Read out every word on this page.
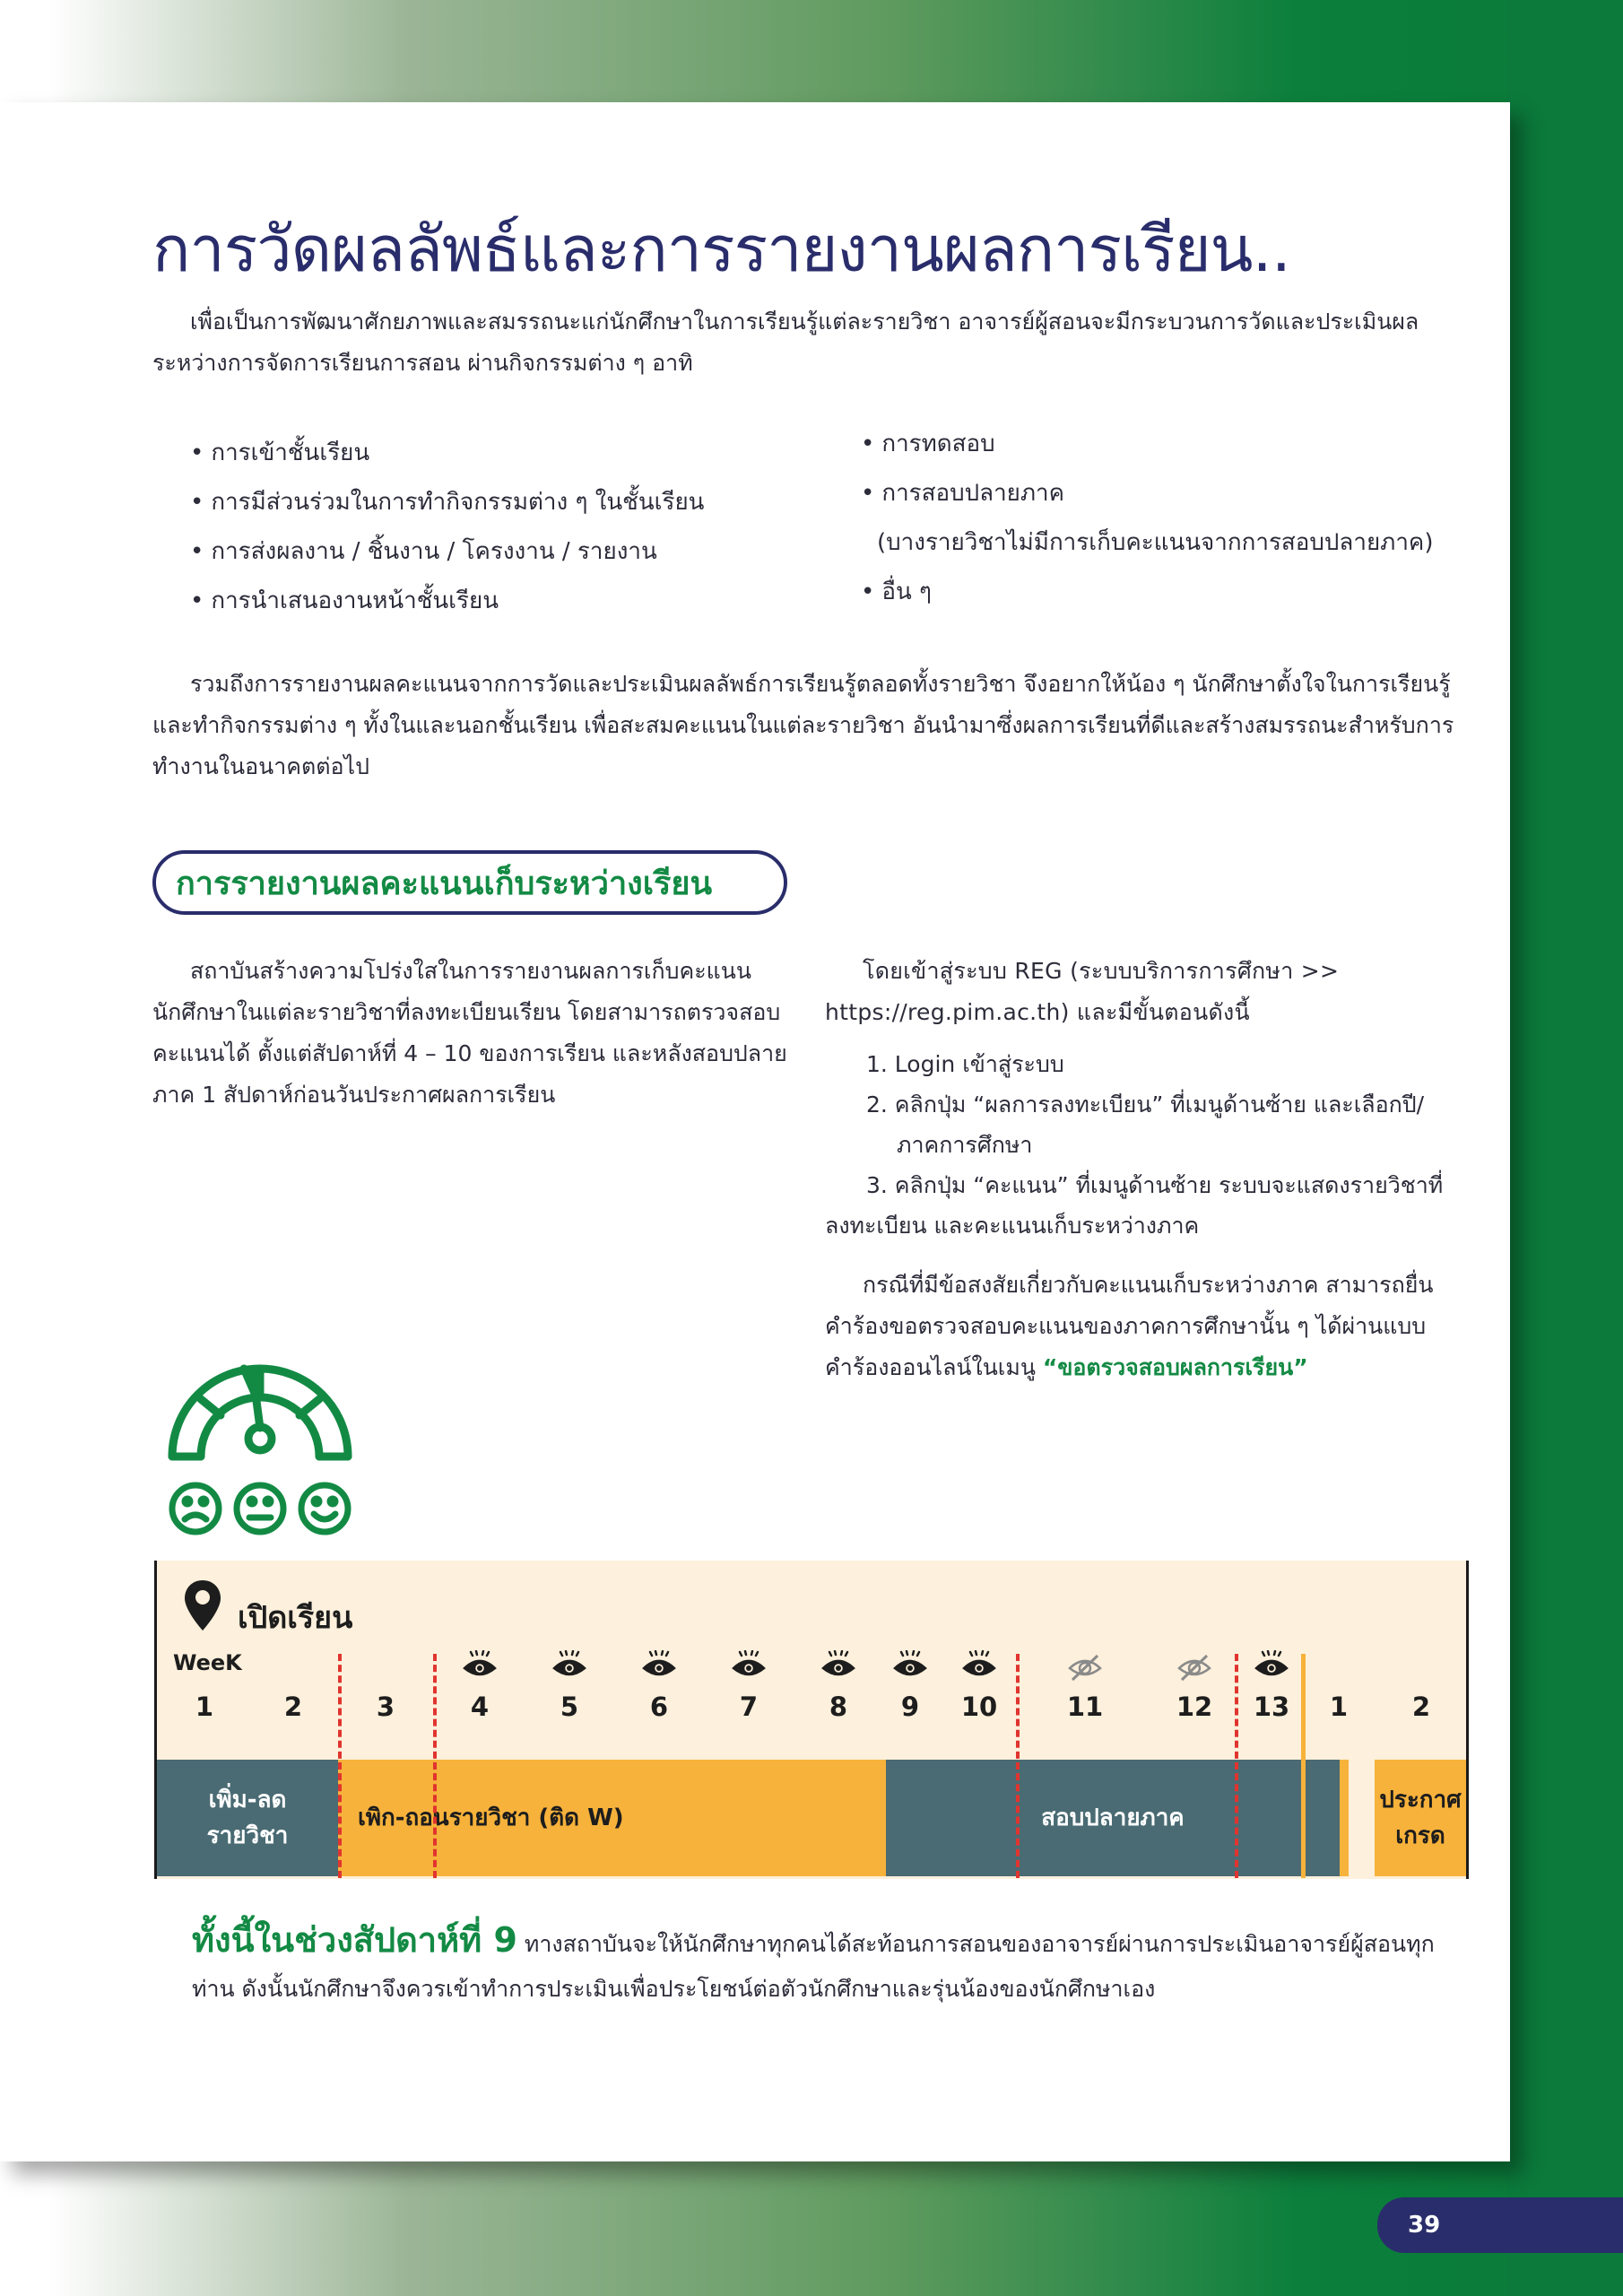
การวัดผลลัพธ์และการรายงานผลการเรียน..

เพื่อเป็นการพัฒนาศักยภาพและสมรรถนะแก่นักศึกษาในการเรียนรู้แต่ละรายวิชา อาจารย์ผู้สอนจะมีกระบวนการวัดและประเมินผล ระหว่างการจัดการเรียนการสอน ผ่านกิจกรรมต่าง ๆ อาทิ

• การเข้าชั้นเรียน
• การมีส่วนร่วมในการทำกิจกรรมต่าง ๆ ในชั้นเรียน
• การส่งผลงาน / ชิ้นงาน / โครงงาน / รายงาน
• การนำเสนองานหน้าชั้นเรียน
• การทดสอบ
• การสอบปลายภาค
(บางรายวิชาไม่มีการเก็บคะแนนจากการสอบปลายภาค)
• อื่น ๆ

รวมถึงการรายงานผลคะแนนจากการวัดและประเมินผลลัพธ์การเรียนรู้ตลอดทั้งรายวิชา จึงอยากให้น้อง ๆ นักศึกษาตั้งใจในการเรียนรู้และทำกิจกรรมต่าง ๆ ทั้งในและนอกชั้นเรียน เพื่อสะสมคะแนนในแต่ละรายวิชา อันนำมาซึ่งผลการเรียนที่ดีและสร้างสมรรถนะสำหรับการทำงานในอนาคตต่อไป

การรายงานผลคะแนนเก็บระหว่างเรียน

สถาบันสร้างความโปร่งใสในการรายงานผลการเก็บคะแนนนักศึกษาในแต่ละรายวิชาที่ลงทะเบียนเรียน โดยสามารถตรวจสอบคะแนนได้ ตั้งแต่สัปดาห์ที่ 4 – 10 ของการเรียน และหลังสอบปลายภาค 1 สัปดาห์ก่อนวันประกาศผลการเรียน

โดยเข้าสู่ระบบ REG (ระบบบริการการศึกษา >> https://reg.pim.ac.th) และมีขั้นตอนดังนี้

1. Login เข้าสู่ระบบ
2. คลิกปุ่ม “ผลการลงทะเบียน” ที่เมนูด้านซ้าย และเลือกปี/
ภาคการศึกษา
3. คลิกปุ่ม “คะแนน” ที่เมนูด้านซ้าย ระบบจะแสดงรายวิชาที่ลงทะเบียน และคะแนนเก็บระหว่างภาค

กรณีที่มีข้อสงสัยเกี่ยวกับคะแนนเก็บระหว่างภาค สามารถยื่นคำร้องขอตรวจสอบคะแนนของภาคการศึกษานั้น ๆ ได้ผ่านแบบคำร้องออนไลน์ในเมนู “ขอตรวจสอบผลการเรียน”

เปิดเรียน
WeeK
1	2	3	4	5	6	7	8	9	10	11	12	13	1	2
เพิ่ม-ลด
รายวิชา
เพิก-ถอนรายวิชา (ติด W)	สอบปลายภาค
ประกาศ
เกรด

ทั้งนี้ในช่วงสัปดาห์ที่ 9 ทางสถาบันจะให้นักศึกษาทุกคนได้สะท้อนการสอนของอาจารย์ผ่านการประเมินอาจารย์ผู้สอนทุกท่าน ดังนั้นนักศึกษาจึงควรเข้าทำการประเมินเพื่อประโยชน์ต่อตัวนักศึกษาและรุ่นน้องของนักศึกษาเอง

39
